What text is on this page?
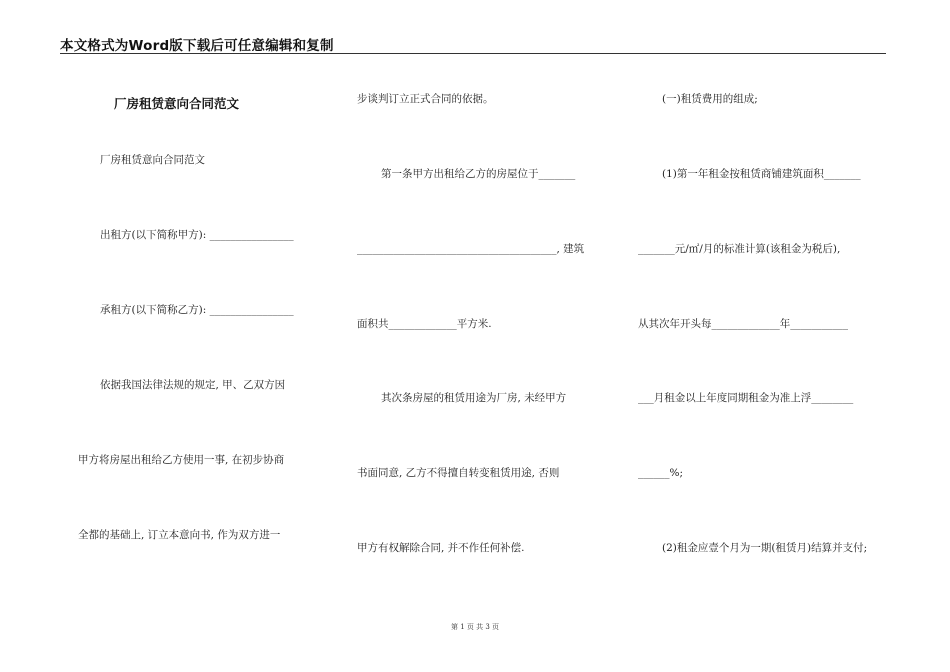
本文格式为Word版下载后可任意编辑和复制
厂房租赁意向合同范文
厂房租赁意向合同范文
出租方(以下简称甲方): ________________
承租方(以下简称乙方): ________________
依据我国法律法规的规定, 甲、乙双方因
甲方将房屋出租给乙方使用一事, 在初步协商
全都的基础上, 订立本意向书, 作为双方进一
步谈判订立正式合同的依据。
第一条甲方出租给乙方的房屋位于_______
______________________________________, 建筑
面积共_____________平方米.
其次条房屋的租赁用途为厂房, 未经甲方
书面同意, 乙方不得擅自转变租赁用途, 否则
甲方有权解除合同, 并不作任何补偿.
(一)租赁费用的组成;
(1)第一年租金按租赁商铺建筑面积_______
_______元/㎡/月的标准计算(该租金为税后),
从其次年开头每_____________年___________
___月租金以上年度同期租金为准上浮________
______%;
(2)租金应壹个月为一期(租赁月)结算并支付;
第 1 页 共 3 页
